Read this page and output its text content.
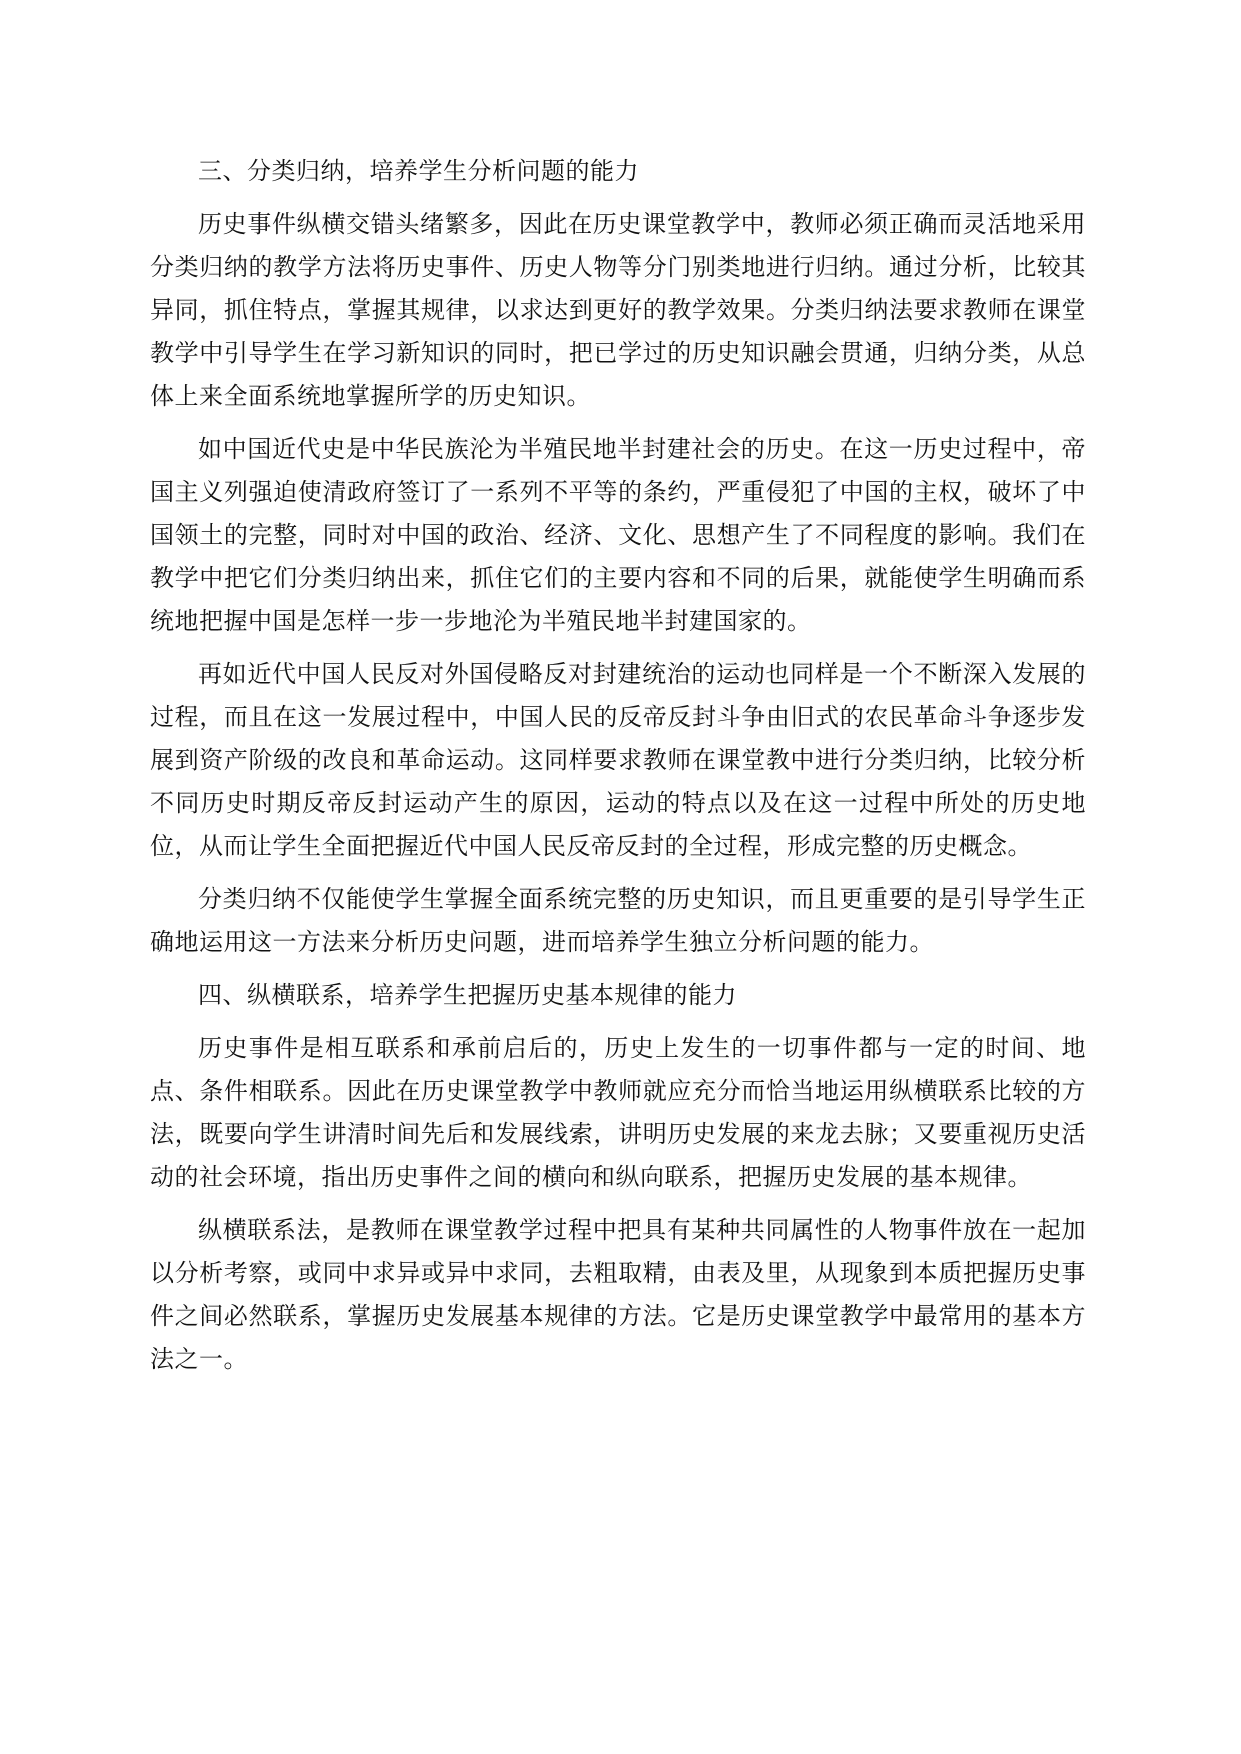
三、分类归纳，培养学生分析问题的能力

历史事件纵横交错头绪繁多，因此在历史课堂教学中，教师必须正确而灵活地采用分类归纳的教学方法将历史事件、历史人物等分门别类地进行归纳。通过分析，比较其异同，抓住特点，掌握其规律，以求达到更好的教学效果。分类归纳法要求教师在课堂教学中引导学生在学习新知识的同时，把已学过的历史知识融会贯通，归纳分类，从总体上来全面系统地掌握所学的历史知识。

如中国近代史是中华民族沦为半殖民地半封建社会的历史。在这一历史过程中，帝国主义列强迫使清政府签订了一系列不平等的条约，严重侵犯了中国的主权，破坏了中国领土的完整，同时对中国的政治、经济、文化、思想产生了不同程度的影响。我们在教学中把它们分类归纳出来，抓住它们的主要内容和不同的后果，就能使学生明确而系统地把握中国是怎样一步一步地沦为半殖民地半封建国家的。

再如近代中国人民反对外国侵略反对封建统治的运动也同样是一个不断深入发展的过程，而且在这一发展过程中，中国人民的反帝反封斗争由旧式的农民革命斗争逐步发展到资产阶级的改良和革命运动。这同样要求教师在课堂教中进行分类归纳，比较分析不同历史时期反帝反封运动产生的原因，运动的特点以及在这一过程中所处的历史地位，从而让学生全面把握近代中国人民反帝反封的全过程，形成完整的历史概念。

分类归纳不仅能使学生掌握全面系统完整的历史知识，而且更重要的是引导学生正确地运用这一方法来分析历史问题，进而培养学生独立分析问题的能力。

四、纵横联系，培养学生把握历史基本规律的能力

历史事件是相互联系和承前启后的，历史上发生的一切事件都与一定的时间、地点、条件相联系。因此在历史课堂教学中教师就应充分而恰当地运用纵横联系比较的方法，既要向学生讲清时间先后和发展线索，讲明历史发展的来龙去脉；又要重视历史活动的社会环境，指出历史事件之间的横向和纵向联系，把握历史发展的基本规律。

纵横联系法，是教师在课堂教学过程中把具有某种共同属性的人物事件放在一起加以分析考察，或同中求异或异中求同，去粗取精，由表及里，从现象到本质把握历史事件之间必然联系，掌握历史发展基本规律的方法。它是历史课堂教学中最常用的基本方法之一。
